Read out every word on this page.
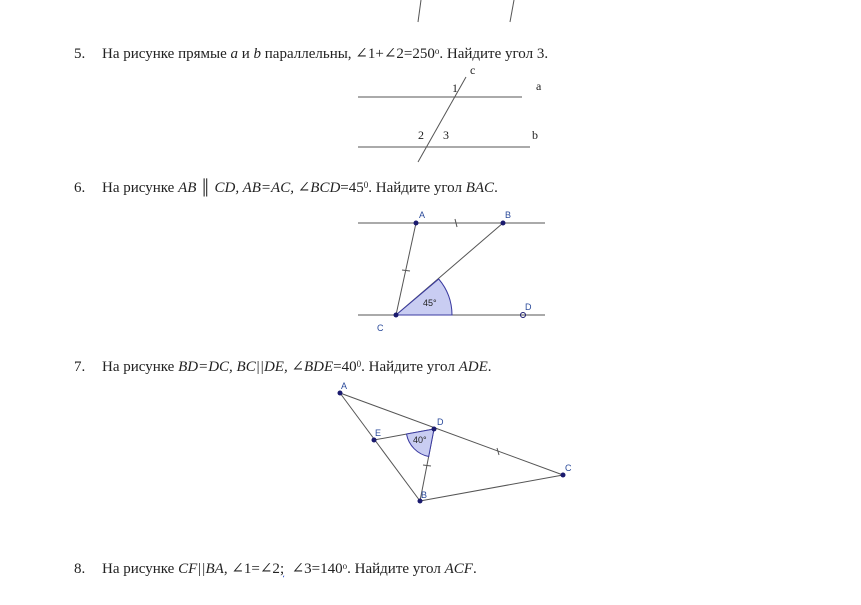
5. На рисунке прямые a и b параллельны, $\angle 1+\angle 2=250^о$. Найдите угол 3.
6. На рисунке AB ║ CD, AB=AC, $\angle BCD=45^0$. Найдите угол BAC.
7. На рисунке BD=DC, BC||DE, $\angle BDE=40^0$. Найдите угол ADE.
8. На рисунке CF||BA, ∠1=∠2;  $\angle 3=140^о$. Найдите угол ACF.
c
a
b
1
2 3
45°
A	B
C
D
40°
A
B
C
D
E
